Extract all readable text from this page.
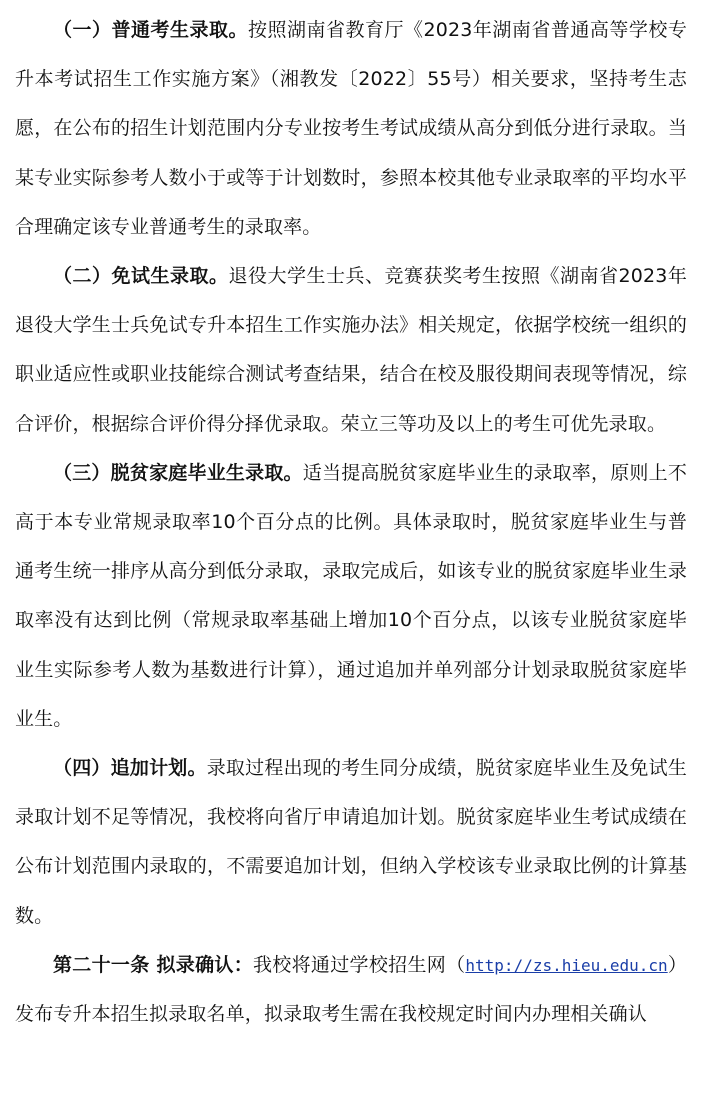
（一）普通考生录取。按照湖南省教育厅《2023年湖南省普通高等学校专升本考试招生工作实施方案》（湘教发〔2022〕55号）相关要求，坚持考生志愿，在公布的招生计划范围内分专业按考生考试成绩从高分到低分进行录取。当某专业实际参考人数小于或等于计划数时，参照本校其他专业录取率的平均水平合理确定该专业普通考生的录取率。

（二）免试生录取。退役大学生士兵、竞赛获奖考生按照《湖南省2023年退役大学生士兵免试专升本招生工作实施办法》相关规定，依据学校统一组织的职业适应性或职业技能综合测试考查结果，结合在校及服役期间表现等情况，综合评价，根据综合评价得分择优录取。荣立三等功及以上的考生可优先录取。

（三）脱贫家庭毕业生录取。适当提高脱贫家庭毕业生的录取率，原则上不高于本专业常规录取率10个百分点的比例。具体录取时，脱贫家庭毕业生与普通考生统一排序从高分到低分录取，录取完成后，如该专业的脱贫家庭毕业生录取率没有达到比例（常规录取率基础上增加10个百分点，以该专业脱贫家庭毕业生实际参考人数为基数进行计算），通过追加并单列部分计划录取脱贫家庭毕业生。

（四）追加计划。录取过程出现的考生同分成绩，脱贫家庭毕业生及免试生录取计划不足等情况，我校将向省厅申请追加计划。脱贫家庭毕业生考试成绩在公布计划范围内录取的，不需要追加计划，但纳入学校该专业录取比例的计算基数。

第二十一条 拟录确认：我校将通过学校招生网（http://zs.hieu.edu.cn）发布专升本招生拟录取名单，拟录取考生需在我校规定时间内办理相关确认
